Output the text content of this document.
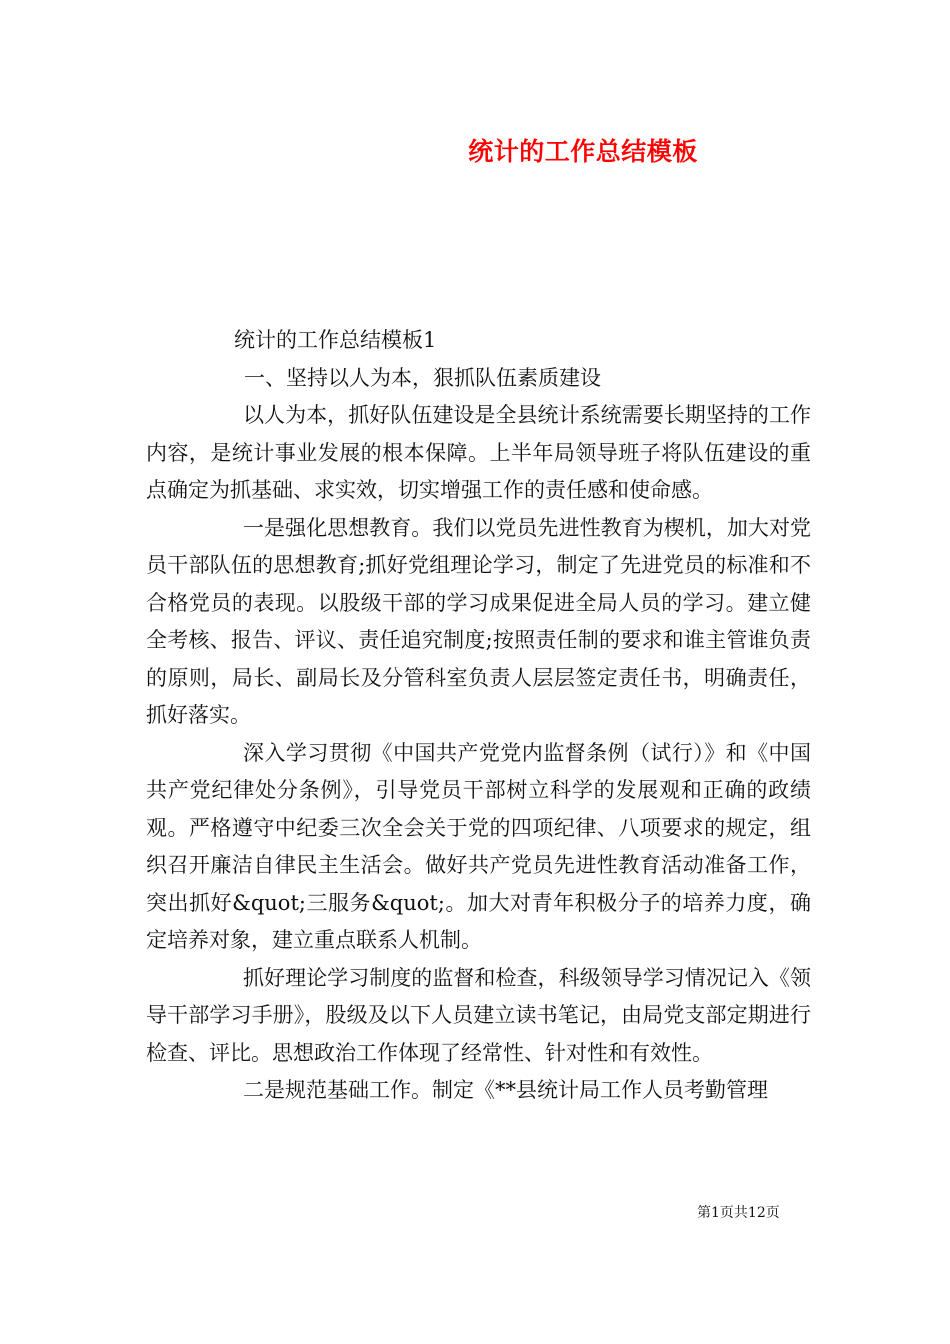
统计的工作总结模板

统计的工作总结模板1

一、坚持以人为本，狠抓队伍素质建设

以人为本，抓好队伍建设是全县统计系统需要长期坚持的工作内容，是统计事业发展的根本保障。上半年局领导班子将队伍建设的重点确定为抓基础、求实效，切实增强工作的责任感和使命感。

一是强化思想教育。我们以党员先进性教育为楔机，加大对党员干部队伍的思想教育;抓好党组理论学习，制定了先进党员的标准和不合格党员的表现。以股级干部的学习成果促进全局人员的学习。建立健全考核、报告、评议、责任追究制度;按照责任制的要求和谁主管谁负责的原则，局长、副局长及分管科室负责人层层签定责任书，明确责任，抓好落实。

深入学习贯彻《中国共产党党内监督条例（试行）》和《中国共产党纪律处分条例》，引导党员干部树立科学的发展观和正确的政绩观。严格遵守中纪委三次全会关于党的四项纪律、八项要求的规定，组织召开廉洁自律民主生活会。做好共产党员先进性教育活动准备工作，突出抓好&quot;三服务&quot;。加大对青年积极分子的培养力度，确定培养对象，建立重点联系人机制。

抓好理论学习制度的监督和检查，科级领导学习情况记入《领导干部学习手册》，股级及以下人员建立读书笔记，由局党支部定期进行检查、评比。思想政治工作体现了经常性、针对性和有效性。

二是规范基础工作。制定《**县统计局工作人员考勤管理

第1页共12页
